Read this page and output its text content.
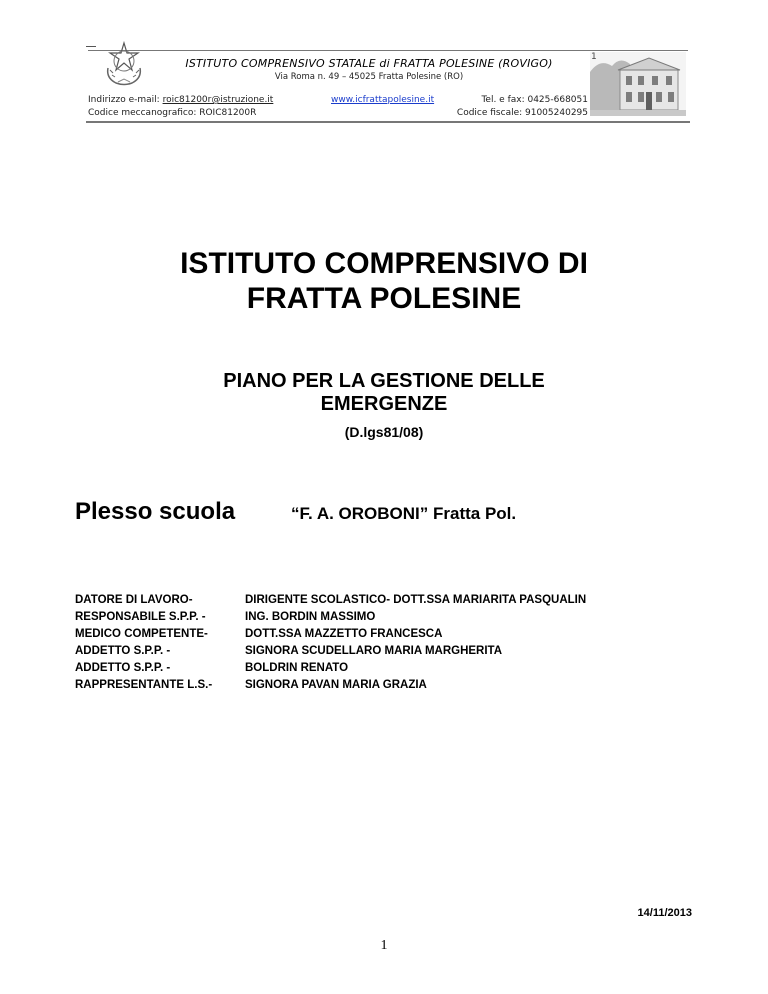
ISTITUTO COMPRENSIVO STATALE di FRATTA POLESINE (ROVIGO)
Via Roma n. 49 – 45025 Fratta Polesine (RO)
Indirizzo e-mail: roic81200r@istruzione.it
Codice meccanografico: ROIC81200R
www.icfrattapolesine.it	Tel. e fax: 0425-668051
Codice fiscale: 91005240295
1
ISTITUTO COMPRENSIVO DI
FRATTA POLESINE
PIANO PER LA GESTIONE DELLE
EMERGENZE
(D.lgs81/08)
Plesso scuola	“F. A. OROBONI” Fratta Pol.
DATORE DI LAVORO-	DIRIGENTE SCOLASTICO- DOTT.SSA MARIARITA PASQUALIN
RESPONSABILE S.P.P. -	ING. BORDIN MASSIMO
MEDICO COMPETENTE-	DOTT.SSA MAZZETTO FRANCESCA
ADDETTO S.P.P. -	SIGNORA SCUDELLARO MARIA MARGHERITA
ADDETTO S.P.P. -	BOLDRIN RENATO
RAPPRESENTANTE L.S.-	SIGNORA PAVAN MARIA GRAZIA
14/11/2013
1
